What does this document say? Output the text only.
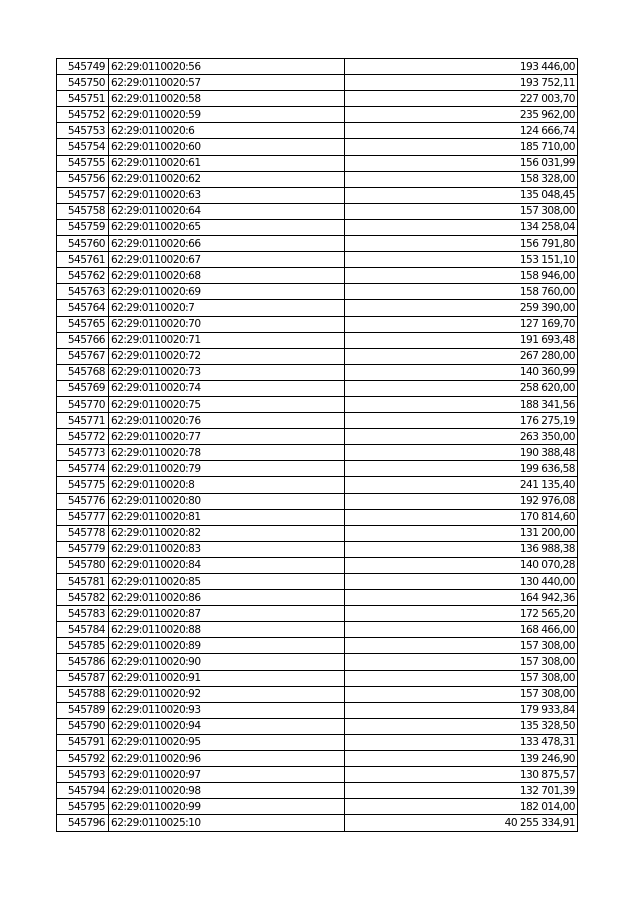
545749	62:29:0110020:56	193 446,00
545750	62:29:0110020:57	193 752,11
545751	62:29:0110020:58	227 003,70
545752	62:29:0110020:59	235 962,00
545753	62:29:0110020:6	124 666,74
545754	62:29:0110020:60	185 710,00
545755	62:29:0110020:61	156 031,99
545756	62:29:0110020:62	158 328,00
545757	62:29:0110020:63	135 048,45
545758	62:29:0110020:64	157 308,00
545759	62:29:0110020:65	134 258,04
545760	62:29:0110020:66	156 791,80
545761	62:29:0110020:67	153 151,10
545762	62:29:0110020:68	158 946,00
545763	62:29:0110020:69	158 760,00
545764	62:29:0110020:7	259 390,00
545765	62:29:0110020:70	127 169,70
545766	62:29:0110020:71	191 693,48
545767	62:29:0110020:72	267 280,00
545768	62:29:0110020:73	140 360,99
545769	62:29:0110020:74	258 620,00
545770	62:29:0110020:75	188 341,56
545771	62:29:0110020:76	176 275,19
545772	62:29:0110020:77	263 350,00
545773	62:29:0110020:78	190 388,48
545774	62:29:0110020:79	199 636,58
545775	62:29:0110020:8	241 135,40
545776	62:29:0110020:80	192 976,08
545777	62:29:0110020:81	170 814,60
545778	62:29:0110020:82	131 200,00
545779	62:29:0110020:83	136 988,38
545780	62:29:0110020:84	140 070,28
545781	62:29:0110020:85	130 440,00
545782	62:29:0110020:86	164 942,36
545783	62:29:0110020:87	172 565,20
545784	62:29:0110020:88	168 466,00
545785	62:29:0110020:89	157 308,00
545786	62:29:0110020:90	157 308,00
545787	62:29:0110020:91	157 308,00
545788	62:29:0110020:92	157 308,00
545789	62:29:0110020:93	179 933,84
545790	62:29:0110020:94	135 328,50
545791	62:29:0110020:95	133 478,31
545792	62:29:0110020:96	139 246,90
545793	62:29:0110020:97	130 875,57
545794	62:29:0110020:98	132 701,39
545795	62:29:0110020:99	182 014,00
545796	62:29:0110025:10	40 255 334,91
